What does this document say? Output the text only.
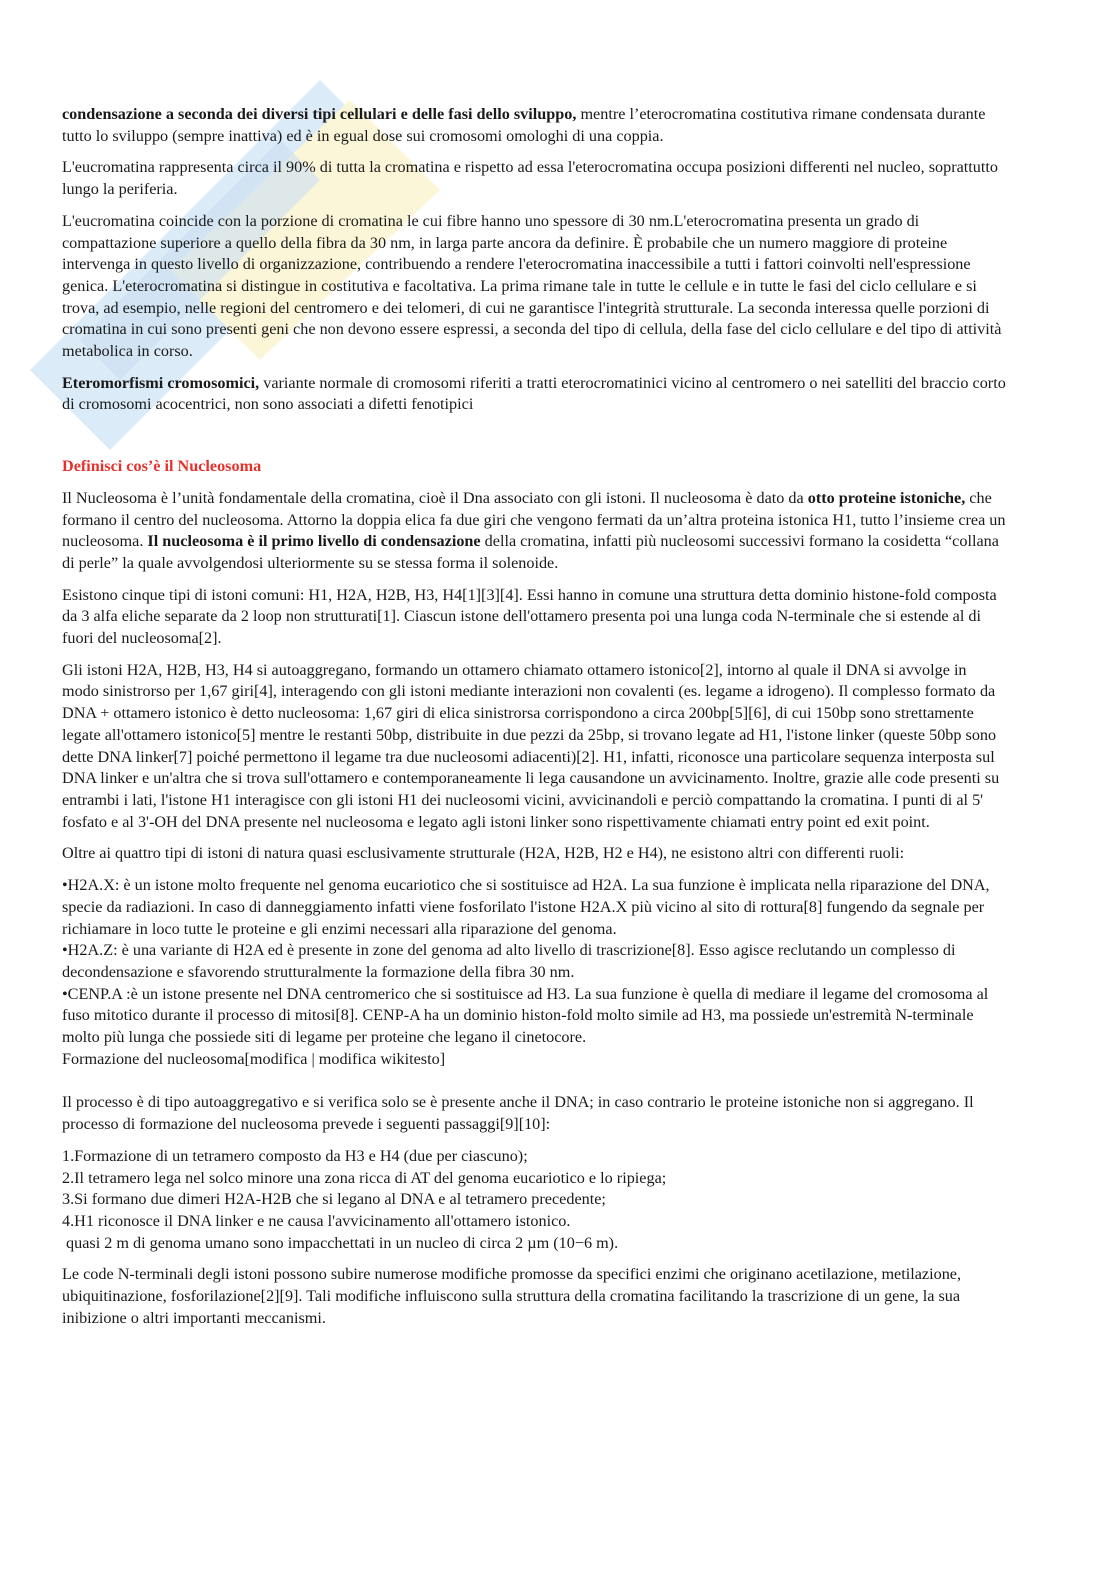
condensazione a seconda dei diversi tipi cellulari e delle fasi dello sviluppo, mentre l’eterocromatina costitutiva rimane condensata durante tutto lo sviluppo (sempre inattiva) ed è in egual dose sui cromosomi omologhi di una coppia.

L'eucromatina rappresenta circa il 90% di tutta la cromatina e rispetto ad essa l'eterocromatina occupa posizioni differenti nel nucleo, soprattutto lungo la periferia.

L'eucromatina coincide con la porzione di cromatina le cui fibre hanno uno spessore di 30 nm.L'eterocromatina presenta un grado di compattazione superiore a quello della fibra da 30 nm, in larga parte ancora da definire. È probabile che un numero maggiore di proteine intervenga in questo livello di organizzazione, contribuendo a rendere l'eterocromatina inaccessibile a tutti i fattori coinvolti nell'espressione genica. L'eterocromatina si distingue in costitutiva e facoltativa. La prima rimane tale in tutte le cellule e in tutte le fasi del ciclo cellulare e si trova, ad esempio, nelle regioni del centromero e dei telomeri, di cui ne garantisce l'integrità strutturale. La seconda interessa quelle porzioni di cromatina in cui sono presenti geni che non devono essere espressi, a seconda del tipo di cellula, della fase del ciclo cellulare e del tipo di attività metabolica in corso.

Eteromorfismi cromosomici, variante normale di cromosomi riferiti a tratti eterocromatinici vicino al centromero o nei satelliti del braccio corto di cromosomi acocentrici, non sono associati a difetti fenotipici

Definisci cos’è il Nucleosoma

Il Nucleosoma è l’unità fondamentale della cromatina, cioè il Dna associato con gli istoni. Il nucleosoma è dato da otto proteine istoniche, che formano il centro del nucleosoma. Attorno la doppia elica fa due giri che vengono fermati da un’altra proteina istonica H1, tutto l’insieme crea un nucleosoma. Il nucleosoma è il primo livello di condensazione della cromatina, infatti più nucleosomi successivi formano la cosidetta “collana di perle” la quale avvolgendosi ulteriormente su se stessa forma il solenoide.

Esistono cinque tipi di istoni comuni: H1, H2A, H2B, H3, H4[1][3][4]. Essi hanno in comune una struttura detta dominio histone-fold composta da 3 alfa eliche separate da 2 loop non strutturati[1]. Ciascun istone dell'ottamero presenta poi una lunga coda N-terminale che si estende al di fuori del nucleosoma[2].

Gli istoni H2A, H2B, H3, H4 si autoaggregano, formando un ottamero chiamato ottamero istonico[2], intorno al quale il DNA si avvolge in modo sinistrorso per 1,67 giri[4], interagendo con gli istoni mediante interazioni non covalenti (es. legame a idrogeno). Il complesso formato da DNA + ottamero istonico è detto nucleosoma: 1,67 giri di elica sinistrorsa corrispondono a circa 200bp[5][6], di cui 150bp sono strettamente legate all'ottamero istonico[5] mentre le restanti 50bp, distribuite in due pezzi da 25bp, si trovano legate ad H1, l'istone linker (queste 50bp sono dette DNA linker[7] poiché permettono il legame tra due nucleosomi adiacenti)[2]. H1, infatti, riconosce una particolare sequenza interposta sul DNA linker e un'altra che si trova sull'ottamero e contemporaneamente li lega causandone un avvicinamento. Inoltre, grazie alle code presenti su entrambi i lati, l'istone H1 interagisce con gli istoni H1 dei nucleosomi vicini, avvicinandoli e perciò compattando la cromatina. I punti di al 5' fosfato e al 3'-OH del DNA presente nel nucleosoma e legato agli istoni linker sono rispettivamente chiamati entry point ed exit point.

Oltre ai quattro tipi di istoni di natura quasi esclusivamente strutturale (H2A, H2B, H2 e H4), ne esistono altri con differenti ruoli:

•H2A.X: è un istone molto frequente nel genoma eucariotico che si sostituisce ad H2A. La sua funzione è implicata nella riparazione del DNA, specie da radiazioni. In caso di danneggiamento infatti viene fosforilato l'istone H2A.X più vicino al sito di rottura[8] fungendo da segnale per richiamare in loco tutte le proteine e gli enzimi necessari alla riparazione del genoma.

•H2A.Z: è una variante di H2A ed è presente in zone del genoma ad alto livello di trascrizione[8]. Esso agisce reclutando un complesso di decondensazione e sfavorendo strutturalmente la formazione della fibra 30 nm.

•CENP.A :è un istone presente nel DNA centromerico che si sostituisce ad H3. La sua funzione è quella di mediare il legame del cromosoma al fuso mitotico durante il processo di mitosi[8]. CENP-A ha un dominio histon-fold molto simile ad H3, ma possiede un'estremità N-terminale molto più lunga che possiede siti di legame per proteine che legano il cinetocore.

Formazione del nucleosoma[modifica | modifica wikitesto]

Il processo è di tipo autoaggregativo e si verifica solo se è presente anche il DNA; in caso contrario le proteine istoniche non si aggregano. Il processo di formazione del nucleosoma prevede i seguenti passaggi[9][10]:

1.Formazione di un tetramero composto da H3 e H4 (due per ciascuno);

2.Il tetramero lega nel solco minore una zona ricca di AT del genoma eucariotico e lo ripiega;

3.Si formano due dimeri H2A-H2B che si legano al DNA e al tetramero precedente;

4.H1 riconosce il DNA linker e ne causa l'avvicinamento all'ottamero istonico.

quasi 2 m di genoma umano sono impacchettati in un nucleo di circa 2 µm (10−6 m).

Le code N-terminali degli istoni possono subire numerose modifiche promosse da specifici enzimi che originano acetilazione, metilazione, ubiquitinazione, fosforilazione[2][9]. Tali modifiche influiscono sulla struttura della cromatina facilitando la trascrizione di un gene, la sua inibizione o altri importanti meccanismi.
